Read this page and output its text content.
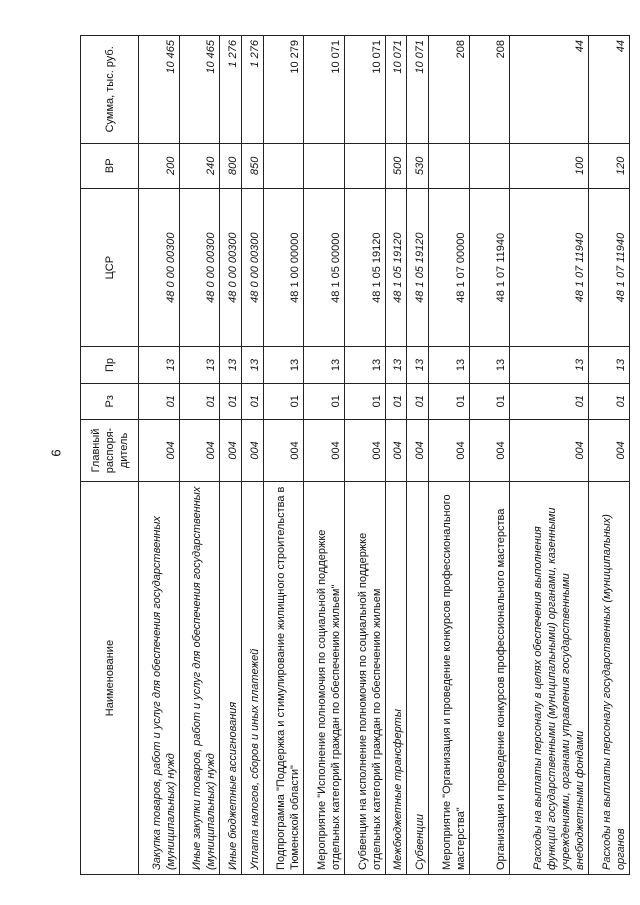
9
Наименование	Главный распоря-дитель	Рз	Пр	ЦСР	ВР	Сумма, тыс. руб.
Закупка товаров, работ и услуг для обеспечения государственных (муниципальных) нужд	004	01	13	48 0 00 00300	200	10 465
Иные закупки товаров, работ и услуг для обеспечения государственных (муниципальных) нужд	004	01	13	48 0 00 00300	240	10 465
Иные бюджетные ассигнования	004	01	13	48 0 00 00300	800	1 276
Уплата налогов, сборов и иных платежей	004	01	13	48 0 00 00300	850	1 276
Подпрограмма "Поддержка и стимулирование жилищного строительства в Тюменской области"	004	01	13	48 1 00 00000		10 279
Мероприятие "Исполнение полномочия по социальной поддержке отдельных категорий граждан по обеспечению жильем"	004	01	13	48 1 05 00000		10 071
Субвенции на исполнение полномочия по социальной поддержке отдельных категорий граждан по обеспечению жильем	004	01	13	48 1 05 19120		10 071
Межбюджетные трансферты	004	01	13	48 1 05 19120	500	10 071
Субвенции	004	01	13	48 1 05 19120	530	10 071
Мероприятие "Организация и проведение конкурсов профессионального мастерства"	004	01	13	48 1 07 00000		208
Организация и проведение конкурсов профессионального мастерства	004	01	13	48 1 07 11940		208
Расходы на выплаты персоналу в целях обеспечения выполнения функций государственными (муниципальными) органами, казенными учреждениями, органами управления государственными внебюджетными фондами	004	01	13	48 1 07 11940	100	44
Расходы на выплаты персоналу государственных (муниципальных) органов	004	01	13	48 1 07 11940	120	44
